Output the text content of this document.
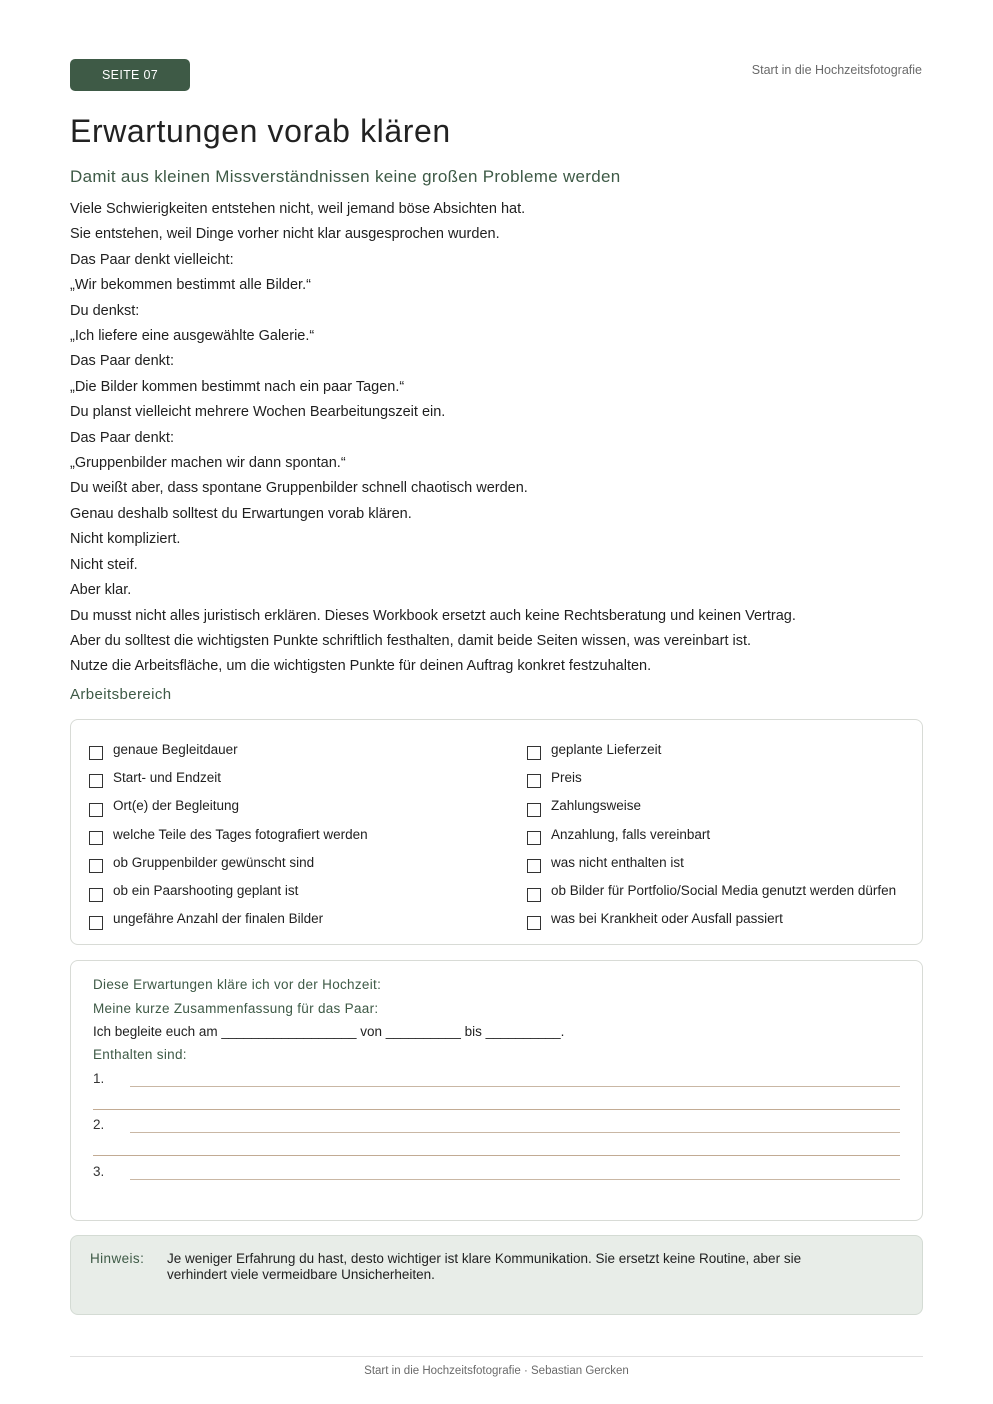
SEITE 07	Start in die Hochzeitsfotografie
Erwartungen vorab klären
Damit aus kleinen Missverständnissen keine großen Probleme werden

Viele Schwierigkeiten entstehen nicht, weil jemand böse Absichten hat.

Sie entstehen, weil Dinge vorher nicht klar ausgesprochen wurden.

Das Paar denkt vielleicht:

„Wir bekommen bestimmt alle Bilder.“

Du denkst:

„Ich liefere eine ausgewählte Galerie.“

Das Paar denkt:

„Die Bilder kommen bestimmt nach ein paar Tagen.“

Du planst vielleicht mehrere Wochen Bearbeitungszeit ein.

Das Paar denkt:

„Gruppenbilder machen wir dann spontan.“

Du weißt aber, dass spontane Gruppenbilder schnell chaotisch werden.

Genau deshalb solltest du Erwartungen vorab klären.

Nicht kompliziert.

Nicht steif.

Aber klar.

Du musst nicht alles juristisch erklären. Dieses Workbook ersetzt auch keine Rechtsberatung und keinen Vertrag.

Aber du solltest die wichtigsten Punkte schriftlich festhalten, damit beide Seiten wissen, was vereinbart ist.

Nutze die Arbeitsfläche, um die wichtigsten Punkte für deinen Auftrag konkret festzuhalten.

Arbeitsbereich
genaue Begleitdauer
Start- und Endzeit
Ort(e) der Begleitung
welche Teile des Tages fotografiert werden
ob Gruppenbilder gewünscht sind
ob ein Paarshooting geplant ist
ungefähre Anzahl der finalen Bilder
geplante Lieferzeit
Preis
Zahlungsweise
Anzahlung, falls vereinbart
was nicht enthalten ist
ob Bilder für Portfolio/Social Media genutzt werden dürfen
was bei Krankheit oder Ausfall passiert
Diese Erwartungen kläre ich vor der Hochzeit:
Meine kurze Zusammenfassung für das Paar:
Ich begleite euch am __________________ von __________ bis __________.
Enthalten sind:
1.
2.
3.
Hinweis: Je weniger Erfahrung du hast, desto wichtiger ist klare Kommunikation. Sie ersetzt keine Routine, aber sie verhindert viele vermeidbare Unsicherheiten.
Start in die Hochzeitsfotografie · Sebastian Gercken
